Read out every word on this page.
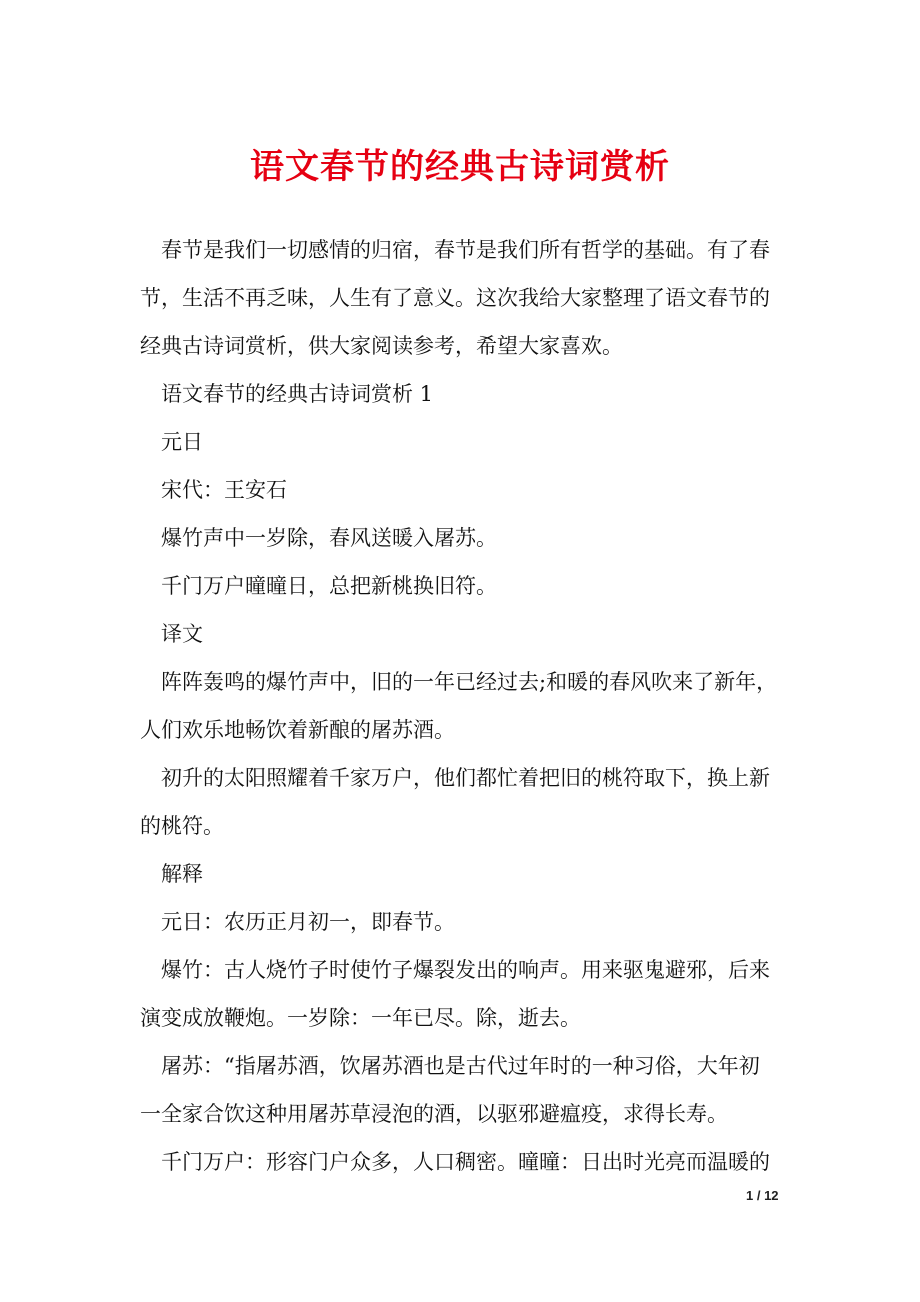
语文春节的经典古诗词赏析

春节是我们一切感情的归宿，春节是我们所有哲学的基础。有了春节，生活不再乏味，人生有了意义。这次我给大家整理了语文春节的经典古诗词赏析，供大家阅读参考，希望大家喜欢。

语文春节的经典古诗词赏析 1

元日

宋代：王安石

爆竹声中一岁除，春风送暖入屠苏。

千门万户曈曈日，总把新桃换旧符。

译文

阵阵轰鸣的爆竹声中，旧的一年已经过去;和暖的春风吹来了新年，人们欢乐地畅饮着新酿的屠苏酒。

初升的太阳照耀着千家万户，他们都忙着把旧的桃符取下，换上新的桃符。

解释

元日：农历正月初一，即春节。

爆竹：古人烧竹子时使竹子爆裂发出的响声。用来驱鬼避邪，后来演变成放鞭炮。一岁除：一年已尽。除，逝去。

屠苏：“指屠苏酒，饮屠苏酒也是古代过年时的一种习俗，大年初一全家合饮这种用屠苏草浸泡的酒，以驱邪避瘟疫，求得长寿。

千门万户：形容门户众多，人口稠密。曈曈：日出时光亮而温暖的

1 / 12
